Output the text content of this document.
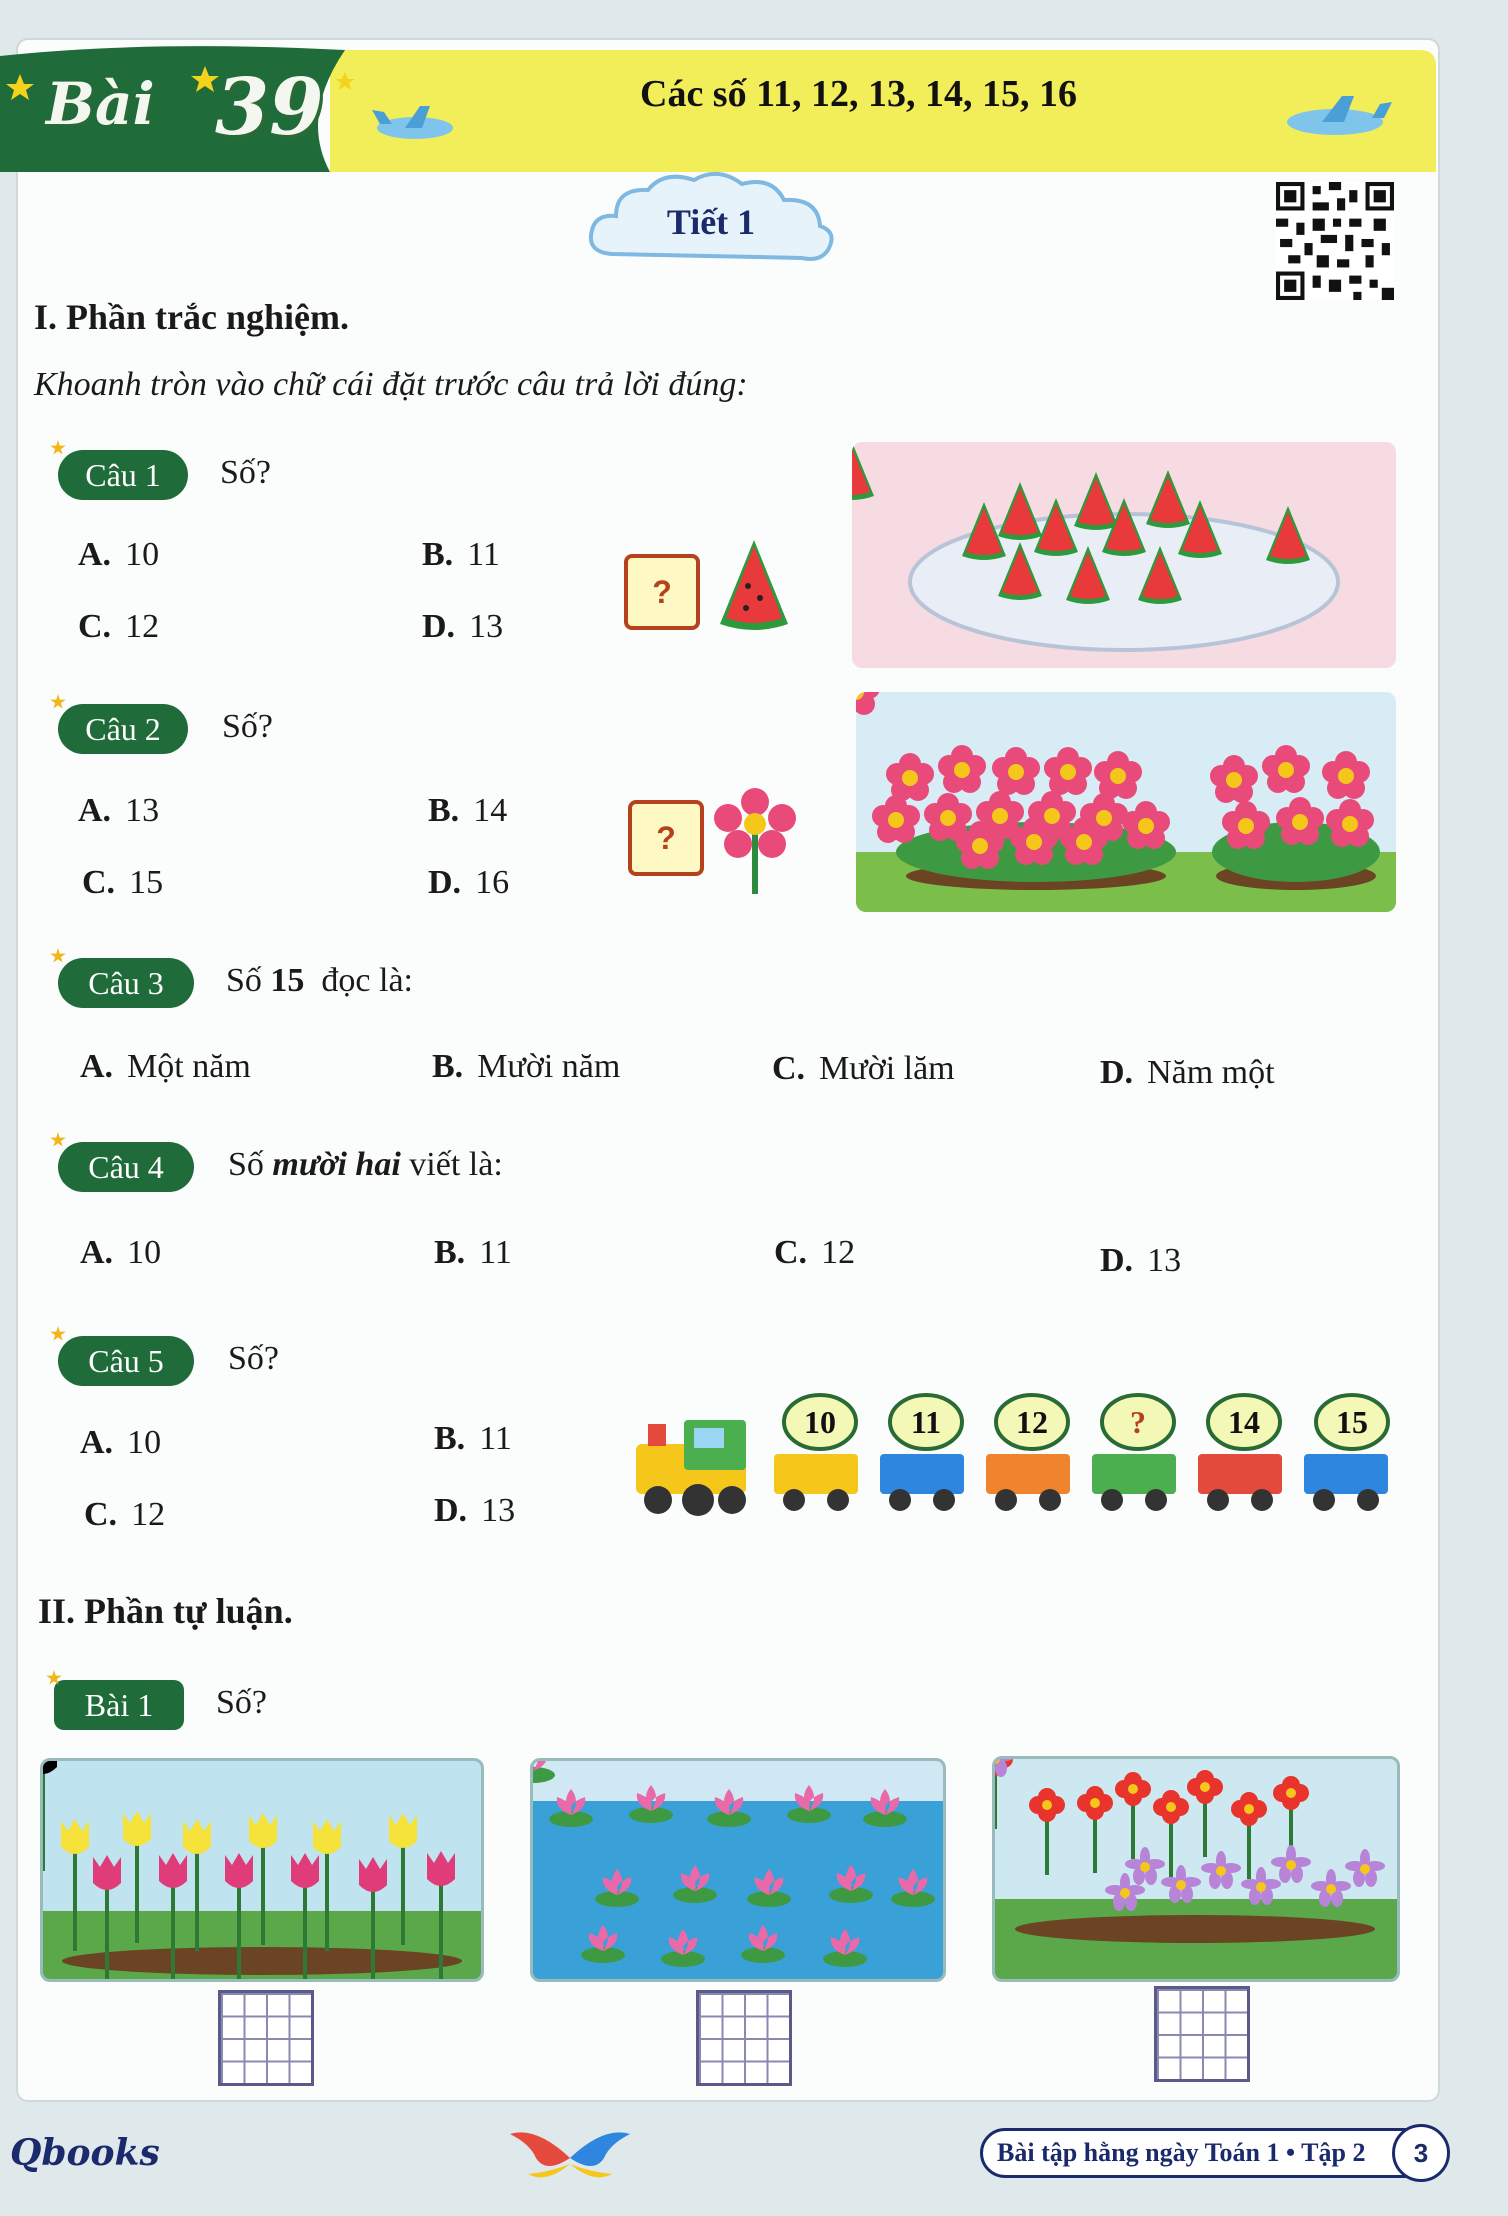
Bài 39	Các số 11, 12, 13, 14, 15, 16
Tiết 1
I. Phần trắc nghiệm.
Khoanh tròn vào chữ cái đặt trước câu trả lời đúng:
Câu 1	Số?
A. 10	B. 11
C. 12	D. 13
?
Câu 2	Số?
A. 13	B. 14
C. 15	D. 16
?
Câu 3	Số 15 đọc là:
A. Một năm	B. Mười năm	C. Mười lăm	D. Năm một
Câu 4	Số mười hai viết là:
A. 10	B. 11	C. 12	D. 13
Câu 5	Số?
A. 10	B. 11
C. 12	D. 13
10 11 12	?	14 15
II. Phần tự luận.
Bài 1	Số?
Qbooks	Bài tập hằng ngày Toán 1 • Tập 2	3
